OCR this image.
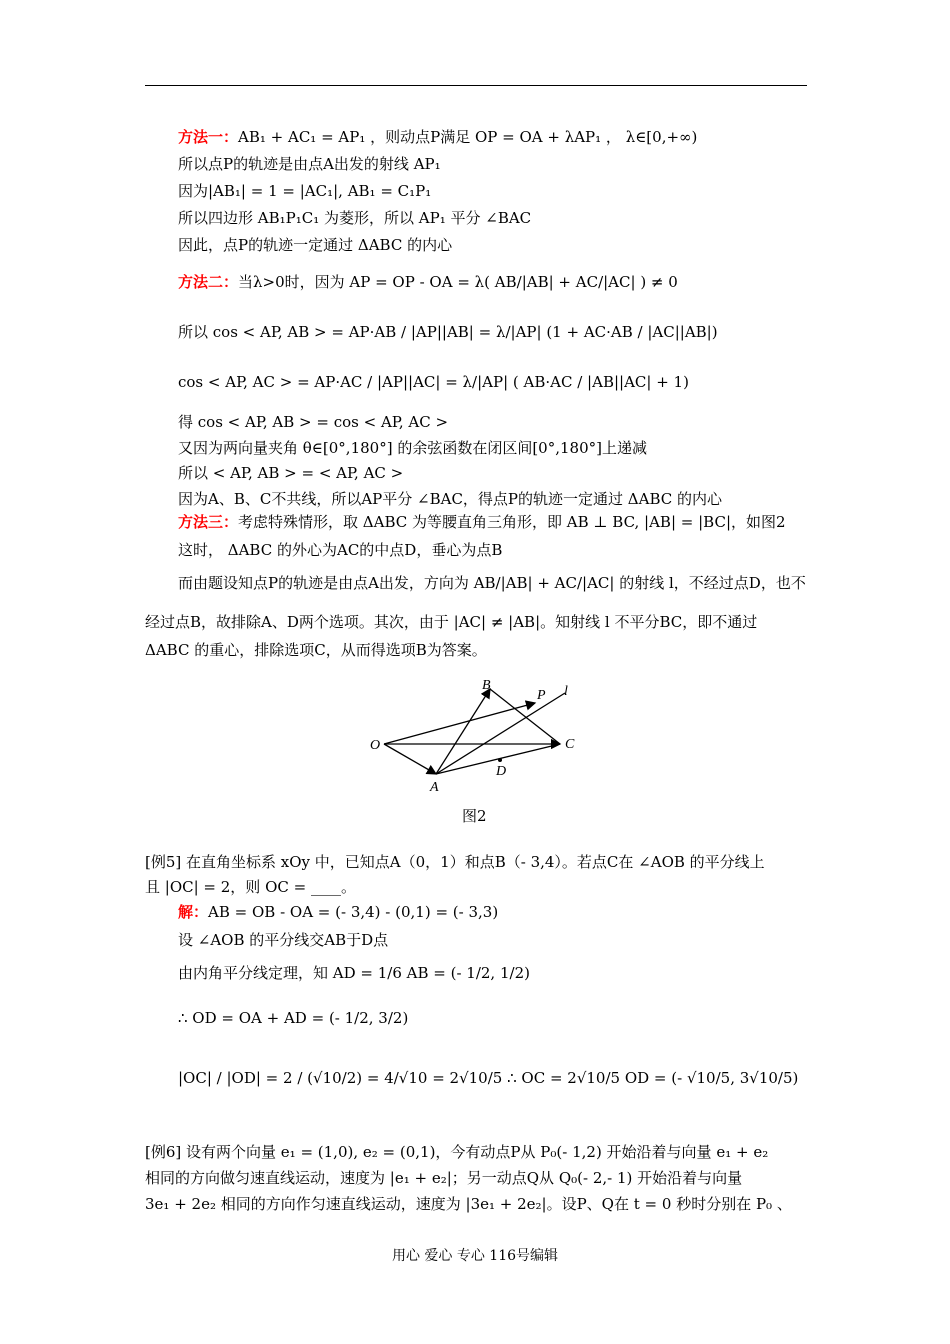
方法一：AB₁ + AC₁ = AP₁ ，则动点P满足 OP = OA + λAP₁ ， λ∈[0,+∞)
所以点P的轨迹是由点A出发的射线 AP₁
因为|AB₁| = 1 = |AC₁|, AB₁ = C₁P₁
所以四边形 AB₁P₁C₁ 为菱形，所以 AP₁ 平分 ∠BAC
因此，点P的轨迹一定通过 ΔABC 的内心
方法二：当λ>0时，因为 AP = OP - OA = λ( AB/|AB| + AC/|AC| ) ≠ 0
所以 cos < AP, AB > = AP·AB / |AP||AB| = λ/|AP| (1 + AC·AB / |AC||AB|)
cos < AP, AC > = AP·AC / |AP||AC| = λ/|AP| ( AB·AC / |AB||AC| + 1)
得 cos < AP, AB > = cos < AP, AC >
又因为两向量夹角 θ∈[0°,180°] 的余弦函数在闭区间[0°,180°]上递减
所以 < AP, AB > = < AP, AC >
因为A、B、C不共线，所以AP平分 ∠BAC，得点P的轨迹一定通过 ΔABC 的内心
方法三：考虑特殊情形，取 ΔABC 为等腰直角三角形，即 AB ⊥ BC, |AB| = |BC|，如图2
这时， ΔABC 的外心为AC的中点D，垂心为点B
而由题设知点P的轨迹是由点A出发，方向为 AB/|AB| + AC/|AC| 的射线 l，不经过点D，也不
经过点B，故排除A、D两个选项。其次，由于 |AC| ≠ |AB|。知射线 l 不平分BC，即不通过
ΔABC 的重心，排除选项C，从而得选项B为答案。
B
P l
O	C
A
D
图2
[例5] 在直角坐标系 xOy 中，已知点A（0，1）和点B（- 3,4）。若点C在 ∠AOB 的平分线上
且 |OC| = 2，则 OC = ____。
解：AB = OB - OA = (- 3,4) - (0,1) = (- 3,3)
设 ∠AOB 的平分线交AB于D点
由内角平分线定理，知 AD = 1/6 AB = (- 1/2, 1/2)
∴ OD = OA + AD = (- 1/2, 3/2)
|OC| / |OD| = 2 / (√10/2) = 4/√10 = 2√10/5 ∴ OC = 2√10/5 OD = (- √10/5, 3√10/5)
[例6] 设有两个向量 e₁ = (1,0), e₂ = (0,1)，今有动点P从 P₀(- 1,2) 开始沿着与向量 e₁ + e₂
相同的方向做匀速直线运动，速度为 |e₁ + e₂|；另一动点Q从 Q₀(- 2,- 1) 开始沿着与向量
3e₁ + 2e₂ 相同的方向作匀速直线运动，速度为 |3e₁ + 2e₂|。设P、Q在 t = 0 秒时分别在 P₀ 、
用心 爱心 专心 116号编辑
